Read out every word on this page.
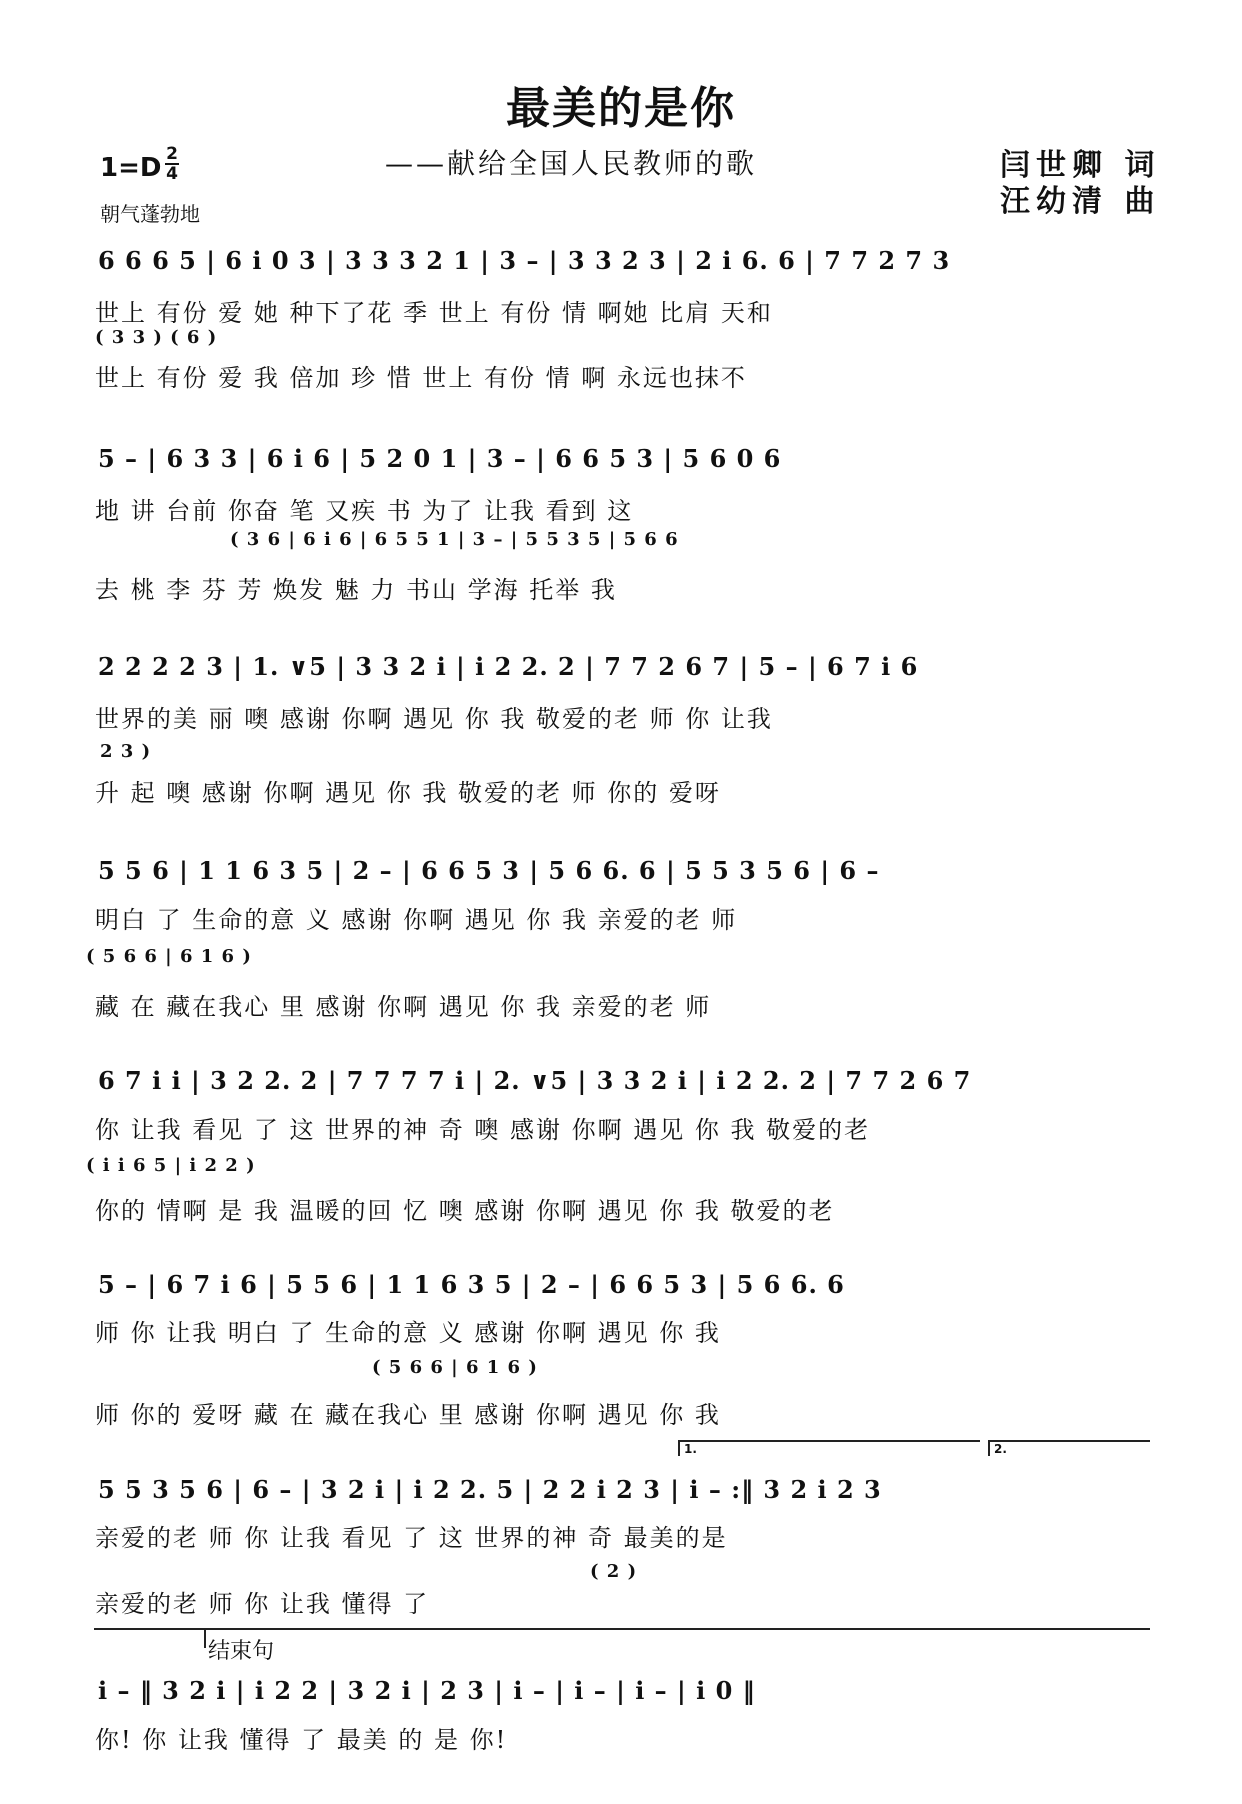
最美的是你
——献给全国人民教师的歌
1=D 2
4
朝气蓬勃地
闫世卿 词
汪幼清 曲
6 6 6 5 | 6 i 0 3 | 3 3 3 2 1 | 3 – | 3 3 2 3 | 2 i 6. 6 | 7 7 2 7 3
世上 有份 爱 她 种下了花 季 世上 有份 情 啊她 比肩 天和
( 3 3 ) ( 6 )
世上 有份 爱 我 倍加 珍 惜 世上 有份 情 啊 永远也抹不
5 – | 6 3 3 | 6 i 6 | 5 2 0 1 | 3 – | 6 6 5 3 | 5 6 0 6
地 讲 台前 你奋 笔 又疾 书 为了 让我 看到 这
( 3 6 | 6 i 6 | 6 5 5 1 | 3 – | 5 5 3 5 | 5 6 6
去 桃 李 芬 芳 焕发 魅 力 书山 学海 托举 我
2 2 2 2 3 | 1. ∨5 | 3 3 2 i | i 2 2. 2 | 7 7 2 6 7 | 5 – | 6 7 i 6
世界的美 丽 噢 感谢 你啊 遇见 你 我 敬爱的老 师 你 让我
2 3 )
升 起 噢 感谢 你啊 遇见 你 我 敬爱的老 师 你的 爱呀
5 5 6 | 1 1 6 3 5 | 2 – | 6 6 5 3 | 5 6 6. 6 | 5 5 3 5 6 | 6 –
明白 了 生命的意 义 感谢 你啊 遇见 你 我 亲爱的老 师
( 5 6 6 | 6 1 6 )
藏 在 藏在我心 里 感谢 你啊 遇见 你 我 亲爱的老 师
6 7 i i | 3 2 2. 2 | 7 7 7 7 i | 2. ∨5 | 3 3 2 i | i 2 2. 2 | 7 7 2 6 7
你 让我 看见 了 这 世界的神 奇 噢 感谢 你啊 遇见 你 我 敬爱的老
( i i 6 5 | i 2 2 )
你的 情啊 是 我 温暖的回 忆 噢 感谢 你啊 遇见 你 我 敬爱的老
5 – | 6 7 i 6 | 5 5 6 | 1 1 6 3 5 | 2 – | 6 6 5 3 | 5 6 6. 6
师 你 让我 明白 了 生命的意 义 感谢 你啊 遇见 你 我
( 5 6 6 | 6 1 6 )
师 你的 爱呀 藏 在 藏在我心 里 感谢 你啊 遇见 你 我
1.	2.
5 5 3 5 6 | 6 – | 3 2 i | i 2 2. 5 | 2 2 i 2 3 | i – :‖ 3 2 i 2 3
亲爱的老 师 你 让我 看见 了 这 世界的神 奇 最美的是
( 2 )
亲爱的老 师 你 让我 懂得 了
结束句
i – ‖ 3 2 i | i 2 2 | 3 2 i | 2 3 | i – | i – | i – | i 0 ‖
你! 你 让我 懂得 了 最美 的 是 你!
